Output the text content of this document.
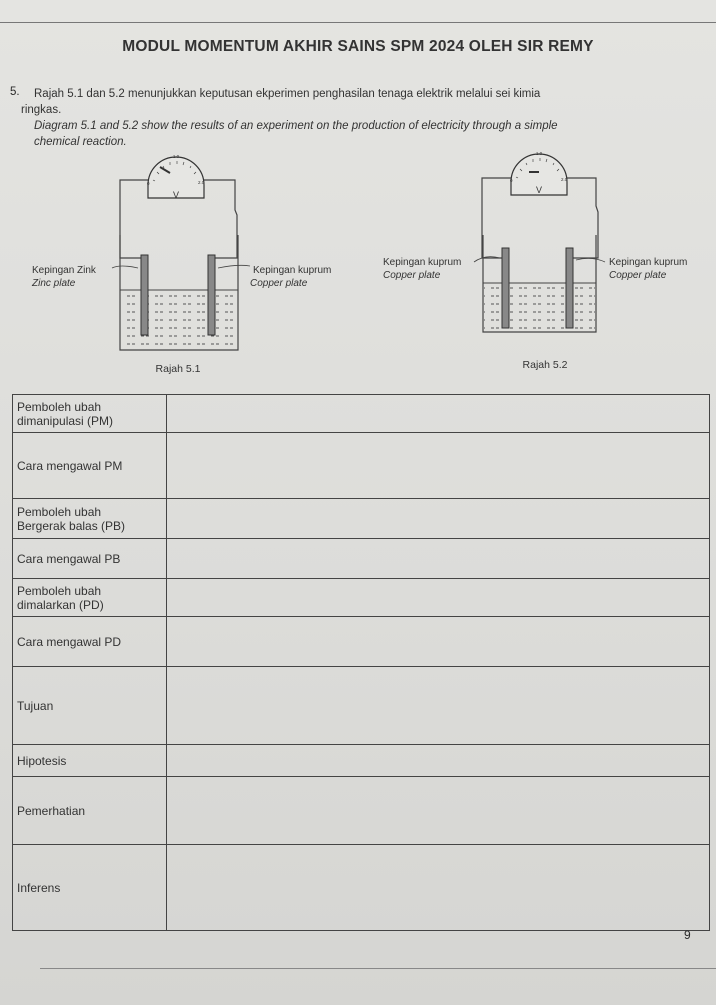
MODUL MOMENTUM AKHIR SAINS SPM 2024 OLEH SIR REMY
5. Rajah 5.1 dan 5.2 menunjukkan keputusan ekperimen penghasilan tenaga elektrik melalui sei kimia
ringkas.
Diagram 5.1 and 5.2 show the results of an experiment on the production of electricity through a simple
chemical reaction.
V
0
1.0
2.0
Kepingan Zink
Zinc plate
Kepingan kuprum
Copper plate
Rajah 5.1
V
0
1.0
2.0
Kepingan kuprum
Copper plate
Kepingan kuprum
Copper plate
Rajah 5.2
Pemboleh ubah
dimanipulasi (PM)	
Cara mengawal PM	
Pemboleh ubah
Bergerak balas (PB)	
Cara mengawal PB	
Pemboleh ubah
dimalarkan (PD)	
Cara mengawal PD	
Tujuan	
Hipotesis	
Pemerhatian	
Inferens	
9
